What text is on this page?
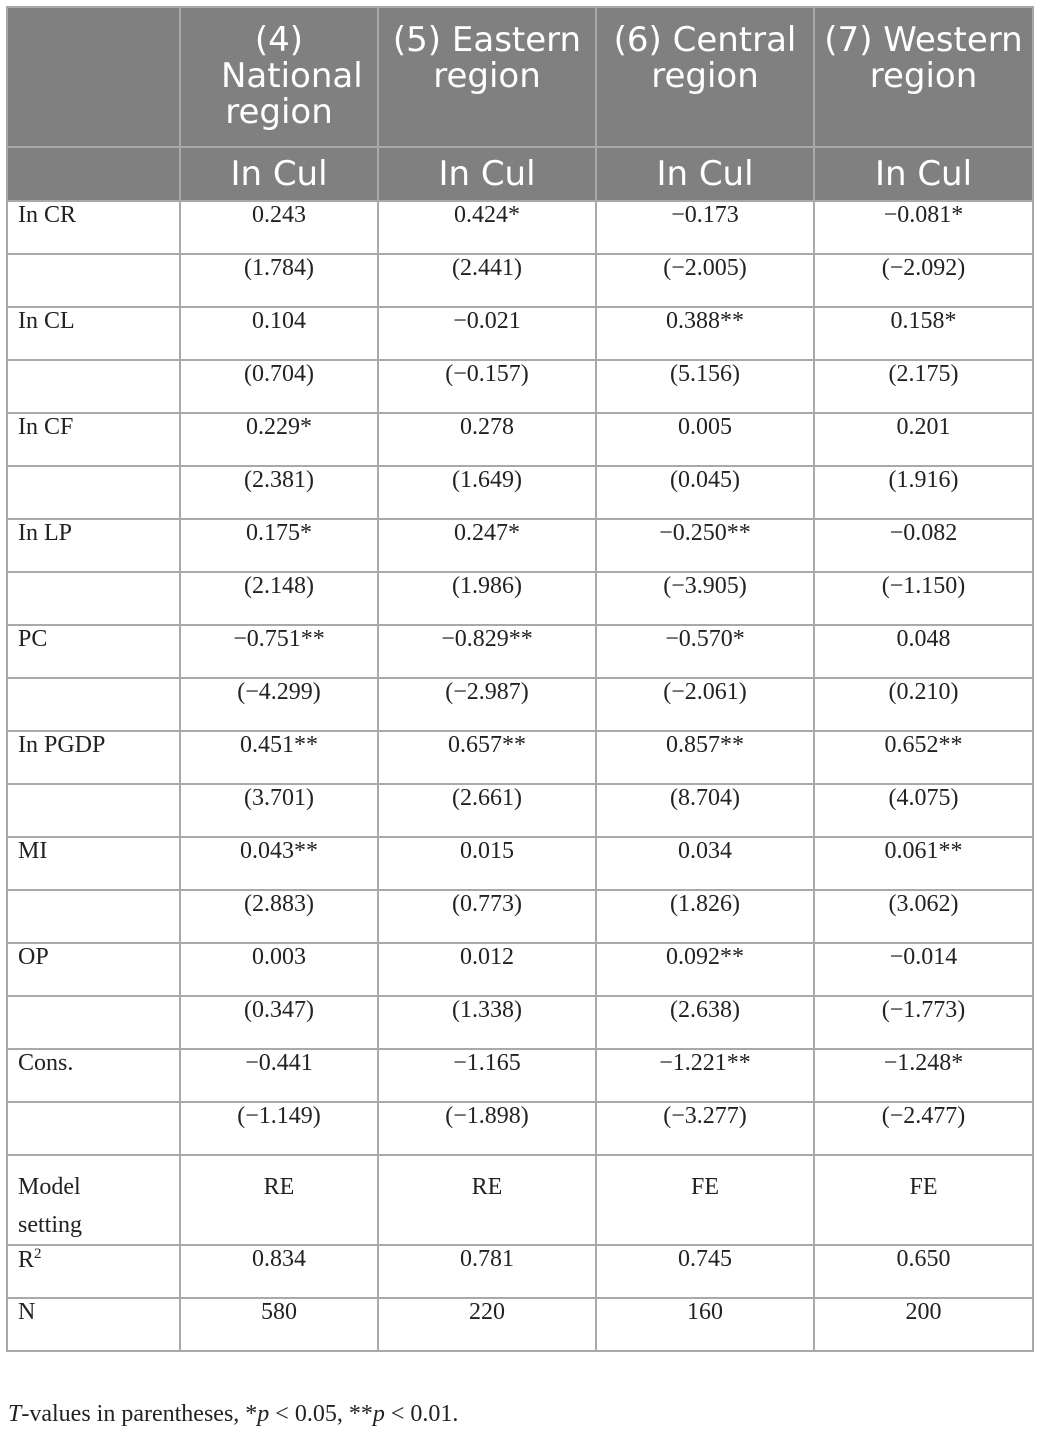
	(4) National region	(5) Eastern region	(6) Central region	(7) Western region
	In Cul	In Cul	In Cul	In Cul
In CR	0.243	0.424*	−0.173	−0.081*
	(1.784)	(2.441)	(−2.005)	(−2.092)
In CL	0.104	−0.021	0.388**	0.158*
	(0.704)	(−0.157)	(5.156)	(2.175)
In CF	0.229*	0.278	0.005	0.201
	(2.381)	(1.649)	(0.045)	(1.916)
In LP	0.175*	0.247*	−0.250**	−0.082
	(2.148)	(1.986)	(−3.905)	(−1.150)
PC	−0.751**	−0.829**	−0.570*	0.048
	(−4.299)	(−2.987)	(−2.061)	(0.210)
In PGDP	0.451**	0.657**	0.857**	0.652**
	(3.701)	(2.661)	(8.704)	(4.075)
MI	0.043**	0.015	0.034	0.061**
	(2.883)	(0.773)	(1.826)	(3.062)
OP	0.003	0.012	0.092**	−0.014
	(0.347)	(1.338)	(2.638)	(−1.773)
Cons.	−0.441	−1.165	−1.221**	−1.248*
	(−1.149)	(−1.898)	(−3.277)	(−2.477)
Model setting	RE	RE	FE	FE
$R^2$	0.834	0.781	0.745	0.650
N	580	220	160	200
T-values in parentheses, *p < 0.05, **p < 0.01.
